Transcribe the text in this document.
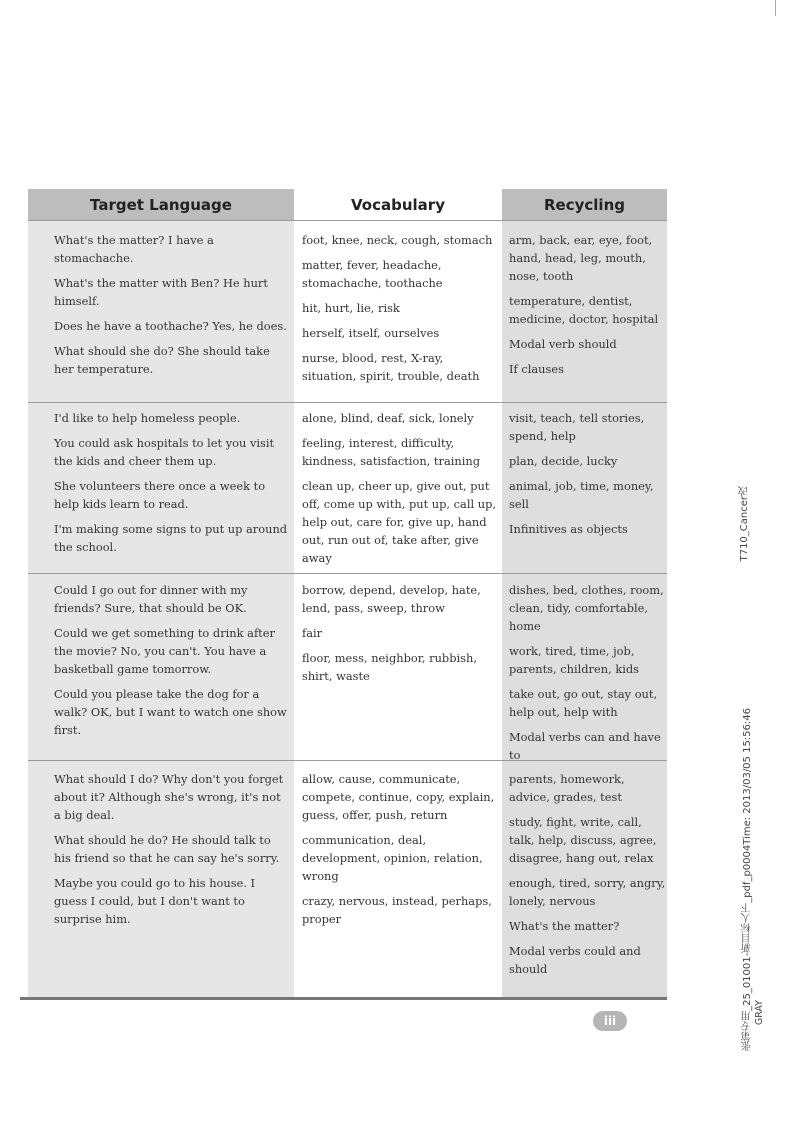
Target Language	Vocabulary	Recycling

What's the matter? I have a stomachache.

What's the matter with Ben? He hurt himself.

Does he have a toothache? Yes, he does.

What should she do? She should take her temperature.

foot, knee, neck, cough, stomach

matter, fever, headache, stomachache, toothache

hit, hurt, lie, risk

herself, itself, ourselves

nurse, blood, rest, X-ray, situation, spirit, trouble, death

arm, back, ear, eye, foot, hand, head, leg, mouth, nose, tooth

temperature, dentist, medicine, doctor, hospital

Modal verb should

If clauses

I'd like to help homeless people.

You could ask hospitals to let you visit the kids and cheer them up.

She volunteers there once a week to help kids learn to read.

I'm making some signs to put up around the school.

alone, blind, deaf, sick, lonely

feeling, interest, difficulty, kindness, satisfaction, training

clean up, cheer up, give out, put off, come up with, put up, call up, help out, care for, give up, hand out, run out of, take after, give away

visit, teach, tell stories, spend, help

plan, decide, lucky

animal, job, time, money, sell

Infinitives as objects

Could I go out for dinner with my friends? Sure, that should be OK.

Could we get something to drink after the movie? No, you can't. You have a basketball game tomorrow.

Could you please take the dog for a walk? OK, but I want to watch one show first.

borrow, depend, develop, hate, lend, pass, sweep, throw

fair

floor, mess, neighbor, rubbish, shirt, waste

dishes, bed, clothes, room, clean, tidy, comfortable, home

work, tired, time, job, parents, children, kids

take out, go out, stay out, help out, help with

Modal verbs can and have to

What should I do? Why don't you forget about it? Although she's wrong, it's not a big deal.

What should he do? He should talk to his friend so that he can say he's sorry.

Maybe you could go to his house. I guess I could, but I don't want to surprise him.

allow, cause, communicate, compete, continue, copy, explain, guess, offer, push, return

communication, deal, development, opinion, relation, wrong

crazy, nervous, instead, perhaps, proper

parents, homework, advice, grades, test

study, fight, write, call, talk, help, discuss, agree, disagree, hang out, relax

enough, tired, sorry, angry, lonely, nervous

What's the matter?

Modal verbs could and should

iii
T710_Cancer改
张第专用_25_01001-新目标人下_pdf_p0004Time: 2013/03/05 15:56:46 GRAY
